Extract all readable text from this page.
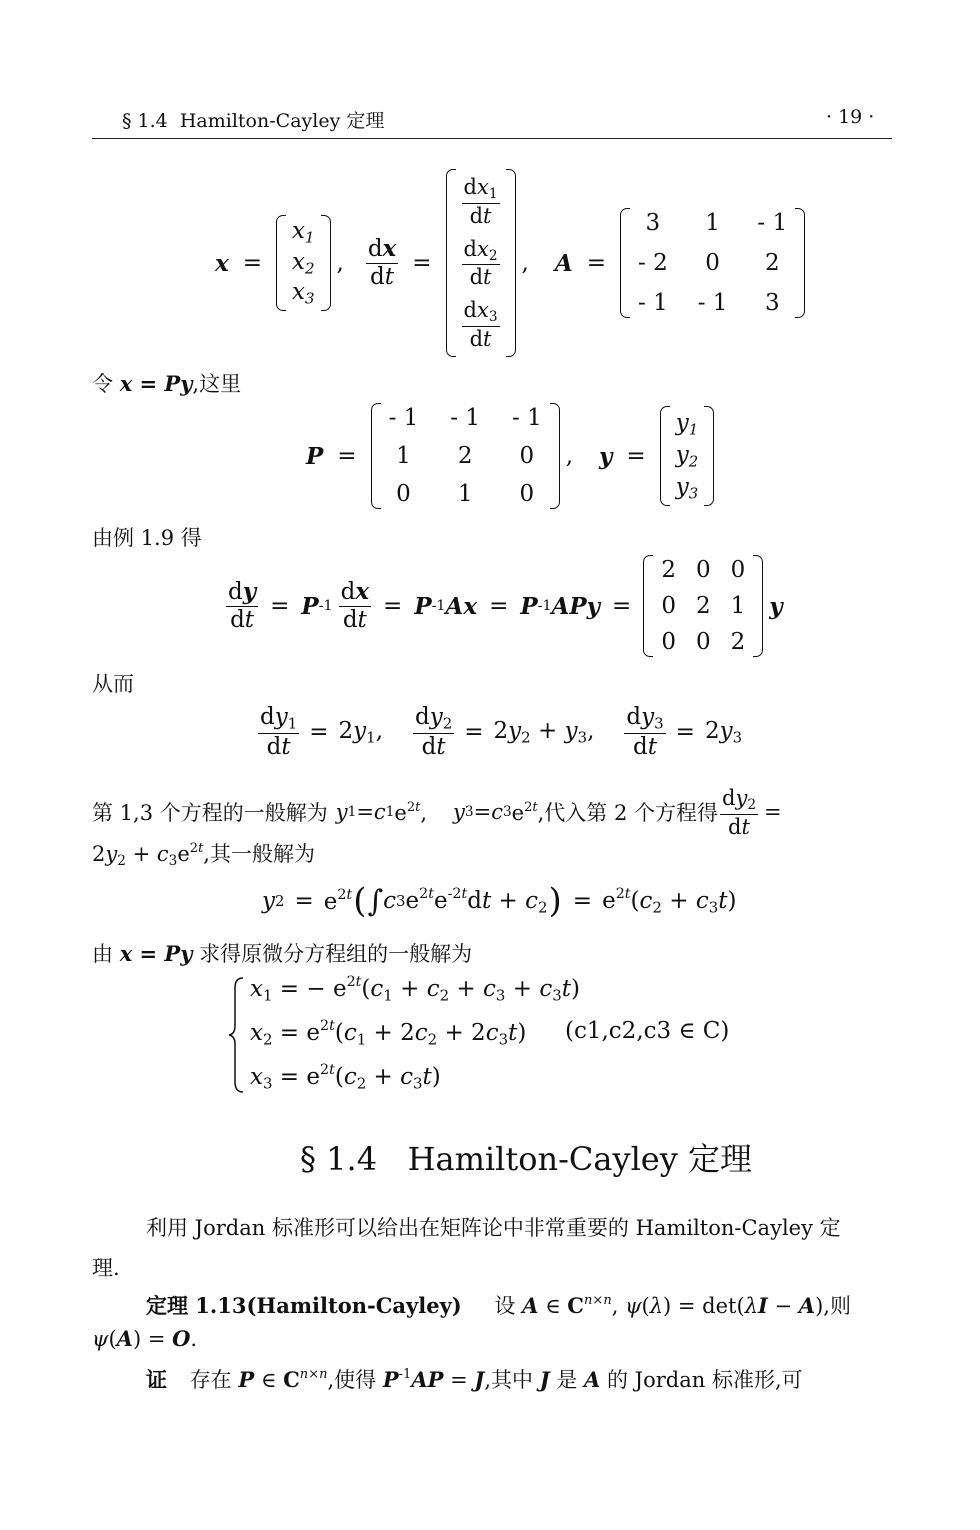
§ 1.4 Hamilton-Cayley 定理	· 19 ·
x =
$x_1$
$x_2$
$x_3$
, $\frac{dx}{dt}$ =
$\frac{dx_1}{dt}$
$\frac{dx_2}{dt}$
$\frac{dx_3}{dt}$
, A =
3 1 - 1
- 2 0 2
- 1 - 1 3
令 x = Py,这里
P =
- 1 - 1 - 1
1 2 0
0 1 0
, y =
$y_1$
$y_2$
$y_3$
由例 1.9 得
$\frac{dy}{dt} = P$ $-1 \frac{dx}{dt} = P$ -1 Ax = P -1 APy =
2 0 0
0 2 1
0 0 2
y
从而
$\frac{dy_1}{dt} = 2y_1$, $\frac{dy_2}{dt} = 2y_2 + y_3$, $\frac{dy_3}{dt} = 2y_3$
第 1,3 个方程的一般解为 y 1 = c 1 $e^{2t}$, y 3 = c 3 $e^{2t}$ ,代入第 2 个方程得 $\frac{dy_2}{dt}$ =
$2y_2 + c_3e^{2t}$,其一般解为
y $2 = e^{2t}$ ( ∫ c 3 $e^{2t}e^{-2t}dt + c_2$ ) = $e^{2t}(c_2 + c_3t)$
由 x = Py 求得原微分方程组的一般解为
$x_1$ = − $e^{2t}(c_1 + c_2 + c_3 + c_3t)$
$x_2 = e^{2t}(c_1 + 2c_2 + 2c_3t)$ (c1,c2,c3 ∈ C)
$x_3 = e^{2t}(c_2 + c_3t)$
§ 1.4 Hamilton-Cayley 定理
利用 Jordan 标准形可以给出在矩阵论中非常重要的 Hamilton-Cayley 定
理.
定理 1.13(Hamilton-Cayley) 设 A ∈ $C^{n\times n}$, ψ(λ) = det(λI − A),则
ψ(A) = O.
证 存在 P ∈ $C^{n\times n}$,使得 $P^{-1}AP = J$,其中 J 是 A 的 Jordan 标准形,可
